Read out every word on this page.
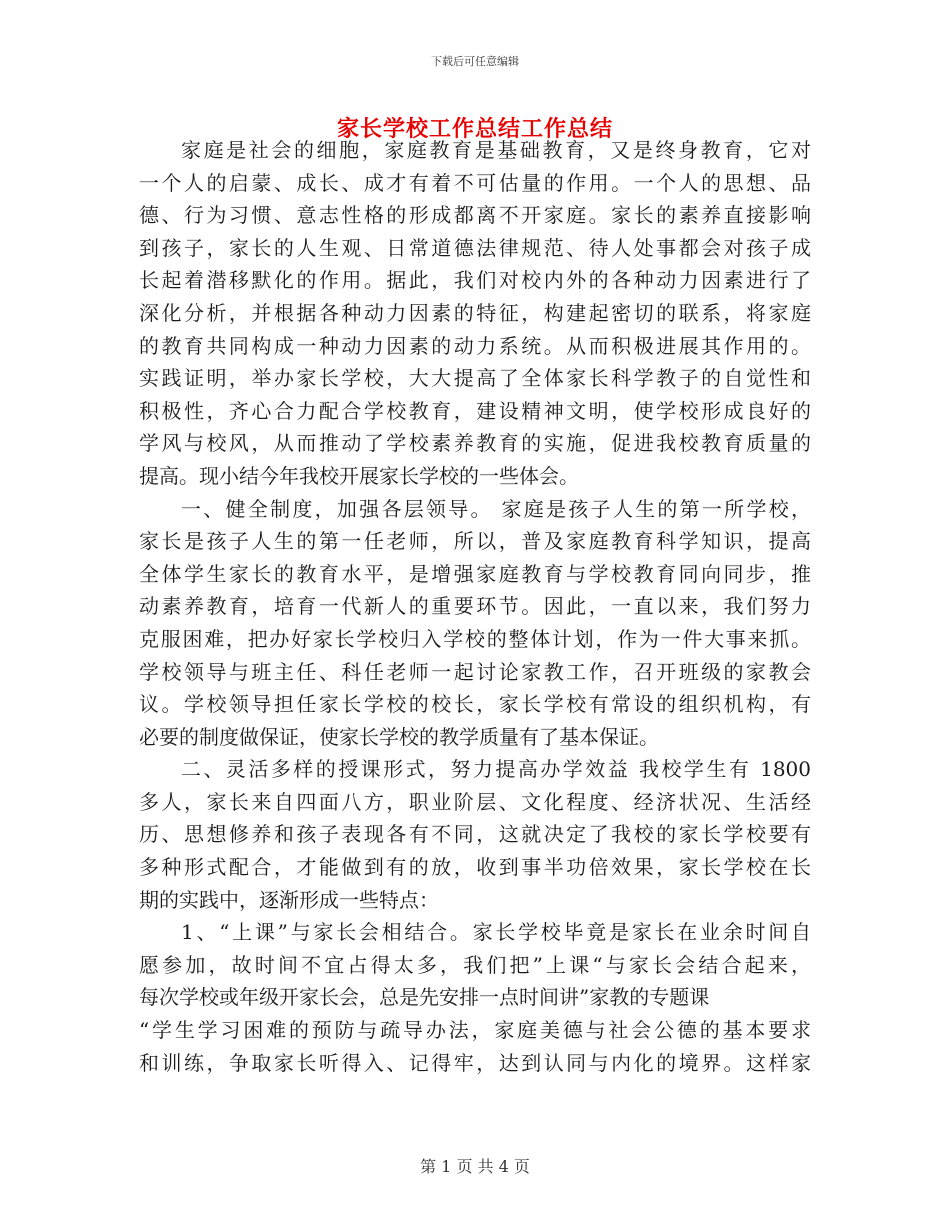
下载后可任意编辑
家长学校工作总结工作总结
家庭是社会的细胞，家庭教育是基础教育，又是终身教育，它对
一个人的启蒙、成长、成才有着不可估量的作用。一个人的思想、品
德、行为习惯、意志性格的形成都离不开家庭。家长的素养直接影响
到孩子，家长的人生观、日常道德法律规范、待人处事都会对孩子成
长起着潜移默化的作用。据此，我们对校内外的各种动力因素进行了
深化分析，并根据各种动力因素的特征，构建起密切的联系，将家庭
的教育共同构成一种动力因素的动力系统。从而积极进展其作用的。
实践证明，举办家长学校，大大提高了全体家长科学教子的自觉性和
积极性，齐心合力配合学校教育，建设精神文明，使学校形成良好的
学风与校风，从而推动了学校素养教育的实施，促进我校教育质量的
提高。现小结今年我校开展家长学校的一些体会。
一、健全制度，加强各层领导。 家庭是孩子人生的第一所学校，
家长是孩子人生的第一任老师，所以，普及家庭教育科学知识，提高
全体学生家长的教育水平，是增强家庭教育与学校教育同向同步，推
动素养教育，培育一代新人的重要环节。因此，一直以来，我们努力
克服困难，把办好家长学校归入学校的整体计划，作为一件大事来抓。
学校领导与班主任、科任老师一起讨论家教工作，召开班级的家教会
议。学校领导担任家长学校的校长，家长学校有常设的组织机构，有
必要的制度做保证，使家长学校的教学质量有了基本保证。
二、灵活多样的授课形式，努力提高办学效益 我校学生有 1800
多人，家长来自四面八方，职业阶层、文化程度、经济状况、生活经
历、思想修养和孩子表现各有不同，这就决定了我校的家长学校要有
多种形式配合，才能做到有的放，收到事半功倍效果，家长学校在长
期的实践中，逐渐形成一些特点：
1、“上课”与家长会相结合。家长学校毕竟是家长在业余时间自
愿参加，故时间不宜占得太多，我们把”上课“与家长会结合起来，
每次学校或年级开家长会，总是先安排一点时间讲”家教的专题课
“学生学习困难的预防与疏导办法，家庭美德与社会公德的基本要求
和训练，争取家长听得入、记得牢，达到认同与内化的境界。这样家
第 1 页 共 4 页
